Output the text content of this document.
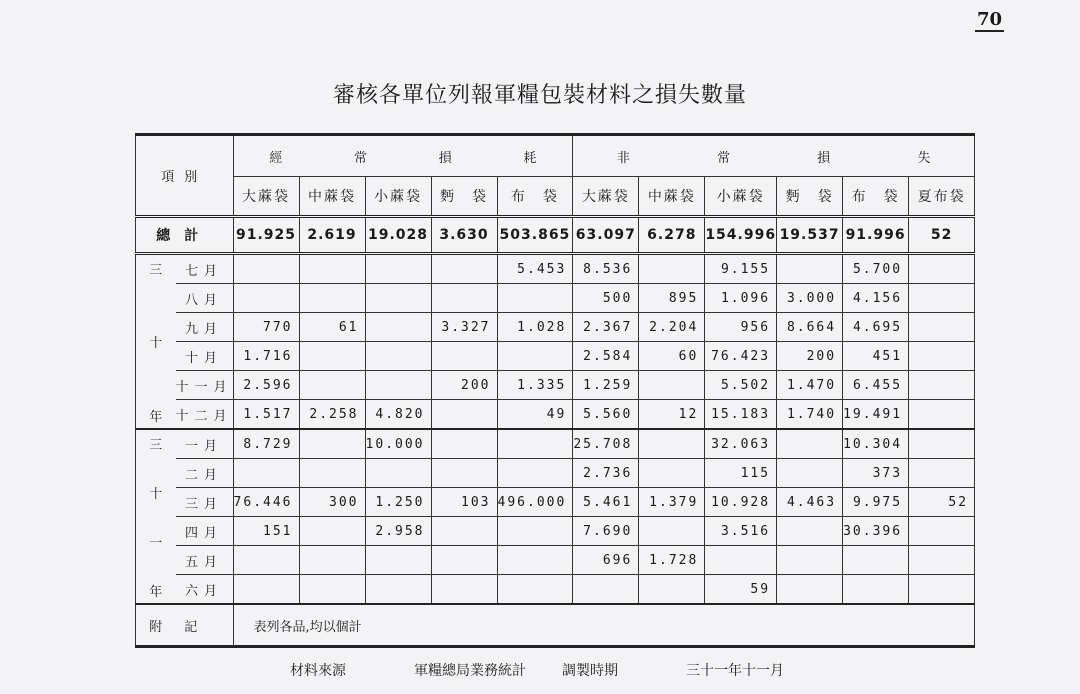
70
審核各單位列報軍糧包裝材料之損失數量
項別		經 常 損 耗					非 常 損 失					

		大蔴袋	中蔴袋	小蔴袋	麪　袋	布　袋	大蔴袋	中蔴袋	小蔴袋	麪　袋	布　袋	夏布袋
總計		91.925	2.619	19.028	3.630	503.865	63.097	6.278	154.996	19.537	91.996	52

三
十
年	七月					5.453	8.536		9.155		5.700	
	八月						500	895	1.096	3.000	4.156	
	九月	770	61		3.327	1.028	2.367	2.204	956	8.664	4.695	
	十月	1.716					2.584	60	76.423	200	451	
	十一月	2.596			200	1.335	1.259		5.502	1.470	6.455	
	十二月	1.517	2.258	4.820		49	5.560	12	15.183	1.740	19.491	

三
十
一
年	一月	8.729		10.000			25.708		32.063		10.304	
	二月						2.736		115		373	
	三月	76.446	300	1.250	103	496.000	5.461	1.379	10.928	4.463	9.975	52
	四月	151		2.958			7.690		3.516		30.396	
	五月						696	1.728				
	六月								59			
附記		表列各品,均以個計										
材料來源	軍糧總局業務統計	調製時期	三十一年十一月
